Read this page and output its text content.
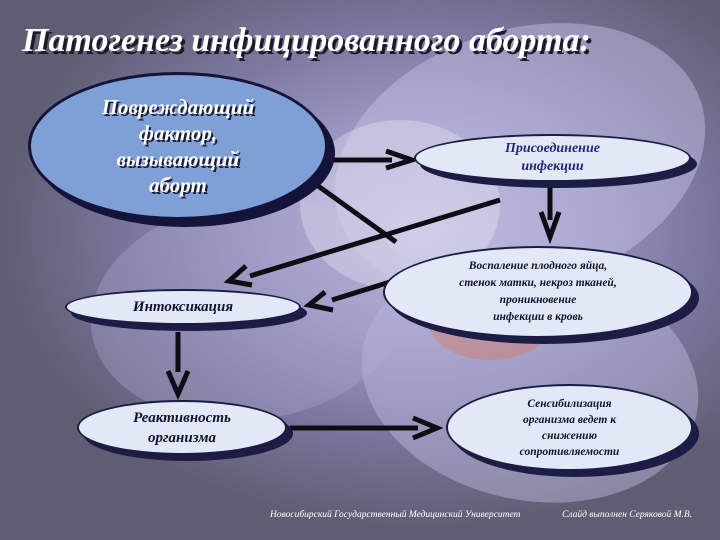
Патогенез инфицированного аборта:
Повреждающий
фактор,
вызывающий
аборт
Присоединение
инфекции
Воспаление плодного яйца,
стенок матки, некроз тканей,
проникновение
инфекции в кровь
Интоксикация
Реактивность
организма
Сенсибилизация
организма ведет к
снижению
сопротивляемости
Новосибирский Государственный Медицинский Университет	Слайд выполнен Серяковой М.В.
